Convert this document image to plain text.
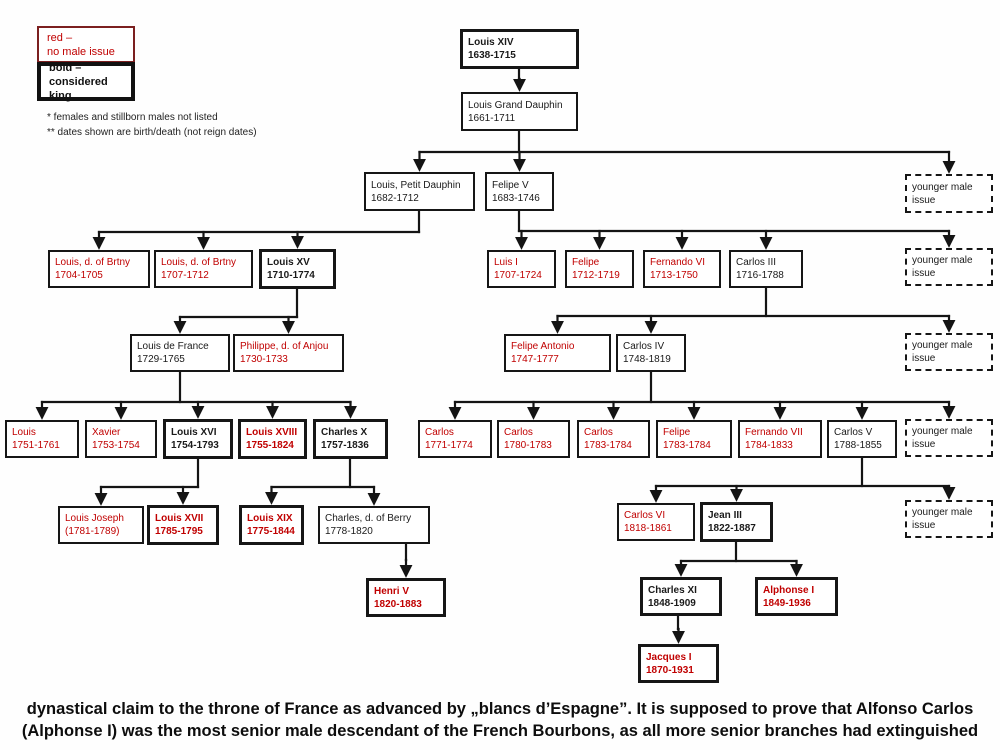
Louis XIV
1638-1715
Louis Grand Dauphin
1661-1711
Louis, Petit Dauphin
1682-1712
Felipe V
1683-1746
younger male issue
Louis, d. of Brtny
1704-1705
Louis, d. of Brtny
1707-1712
Louis XV
1710-1774
Luis I
1707-1724
Felipe
1712-1719
Fernando VI
1713-1750
Carlos III
1716-1788
younger male issue
Louis de France
1729-1765
Philippe, d. of Anjou
1730-1733
Felipe Antonio
1747-1777
Carlos IV
1748-1819
younger male issue
Louis
1751-1761
Xavier
1753-1754
Louis XVI
1754-1793
Louis XVIII
1755-1824
Charles X
1757-1836
Carlos
1771-1774
Carlos
1780-1783
Carlos
1783-1784
Felipe
1783-1784
Fernando VII
1784-1833
Carlos V
1788-1855
younger male issue
Louis Joseph
(1781-1789)
Louis XVII
1785-1795
Louis XIX
1775-1844
Charles, d. of Berry
1778-1820
Carlos VI
1818-1861
Jean III
1822-1887
younger male issue
Henri V
1820-1883
Charles XI
1848-1909
Alphonse I
1849-1936
Jacques I
1870-1931
red –
no male issue
bold –
considered king
* females and stillborn males not listed
** dates shown are birth/death (not reign dates)
dynastical claim to the throne of France as advanced by „blancs d’Espagne”. It is supposed to prove that Alfonso Carlos
(Alphonse I) was the most senior male descendant of the French Bourbons, as all more senior branches had extinguished
